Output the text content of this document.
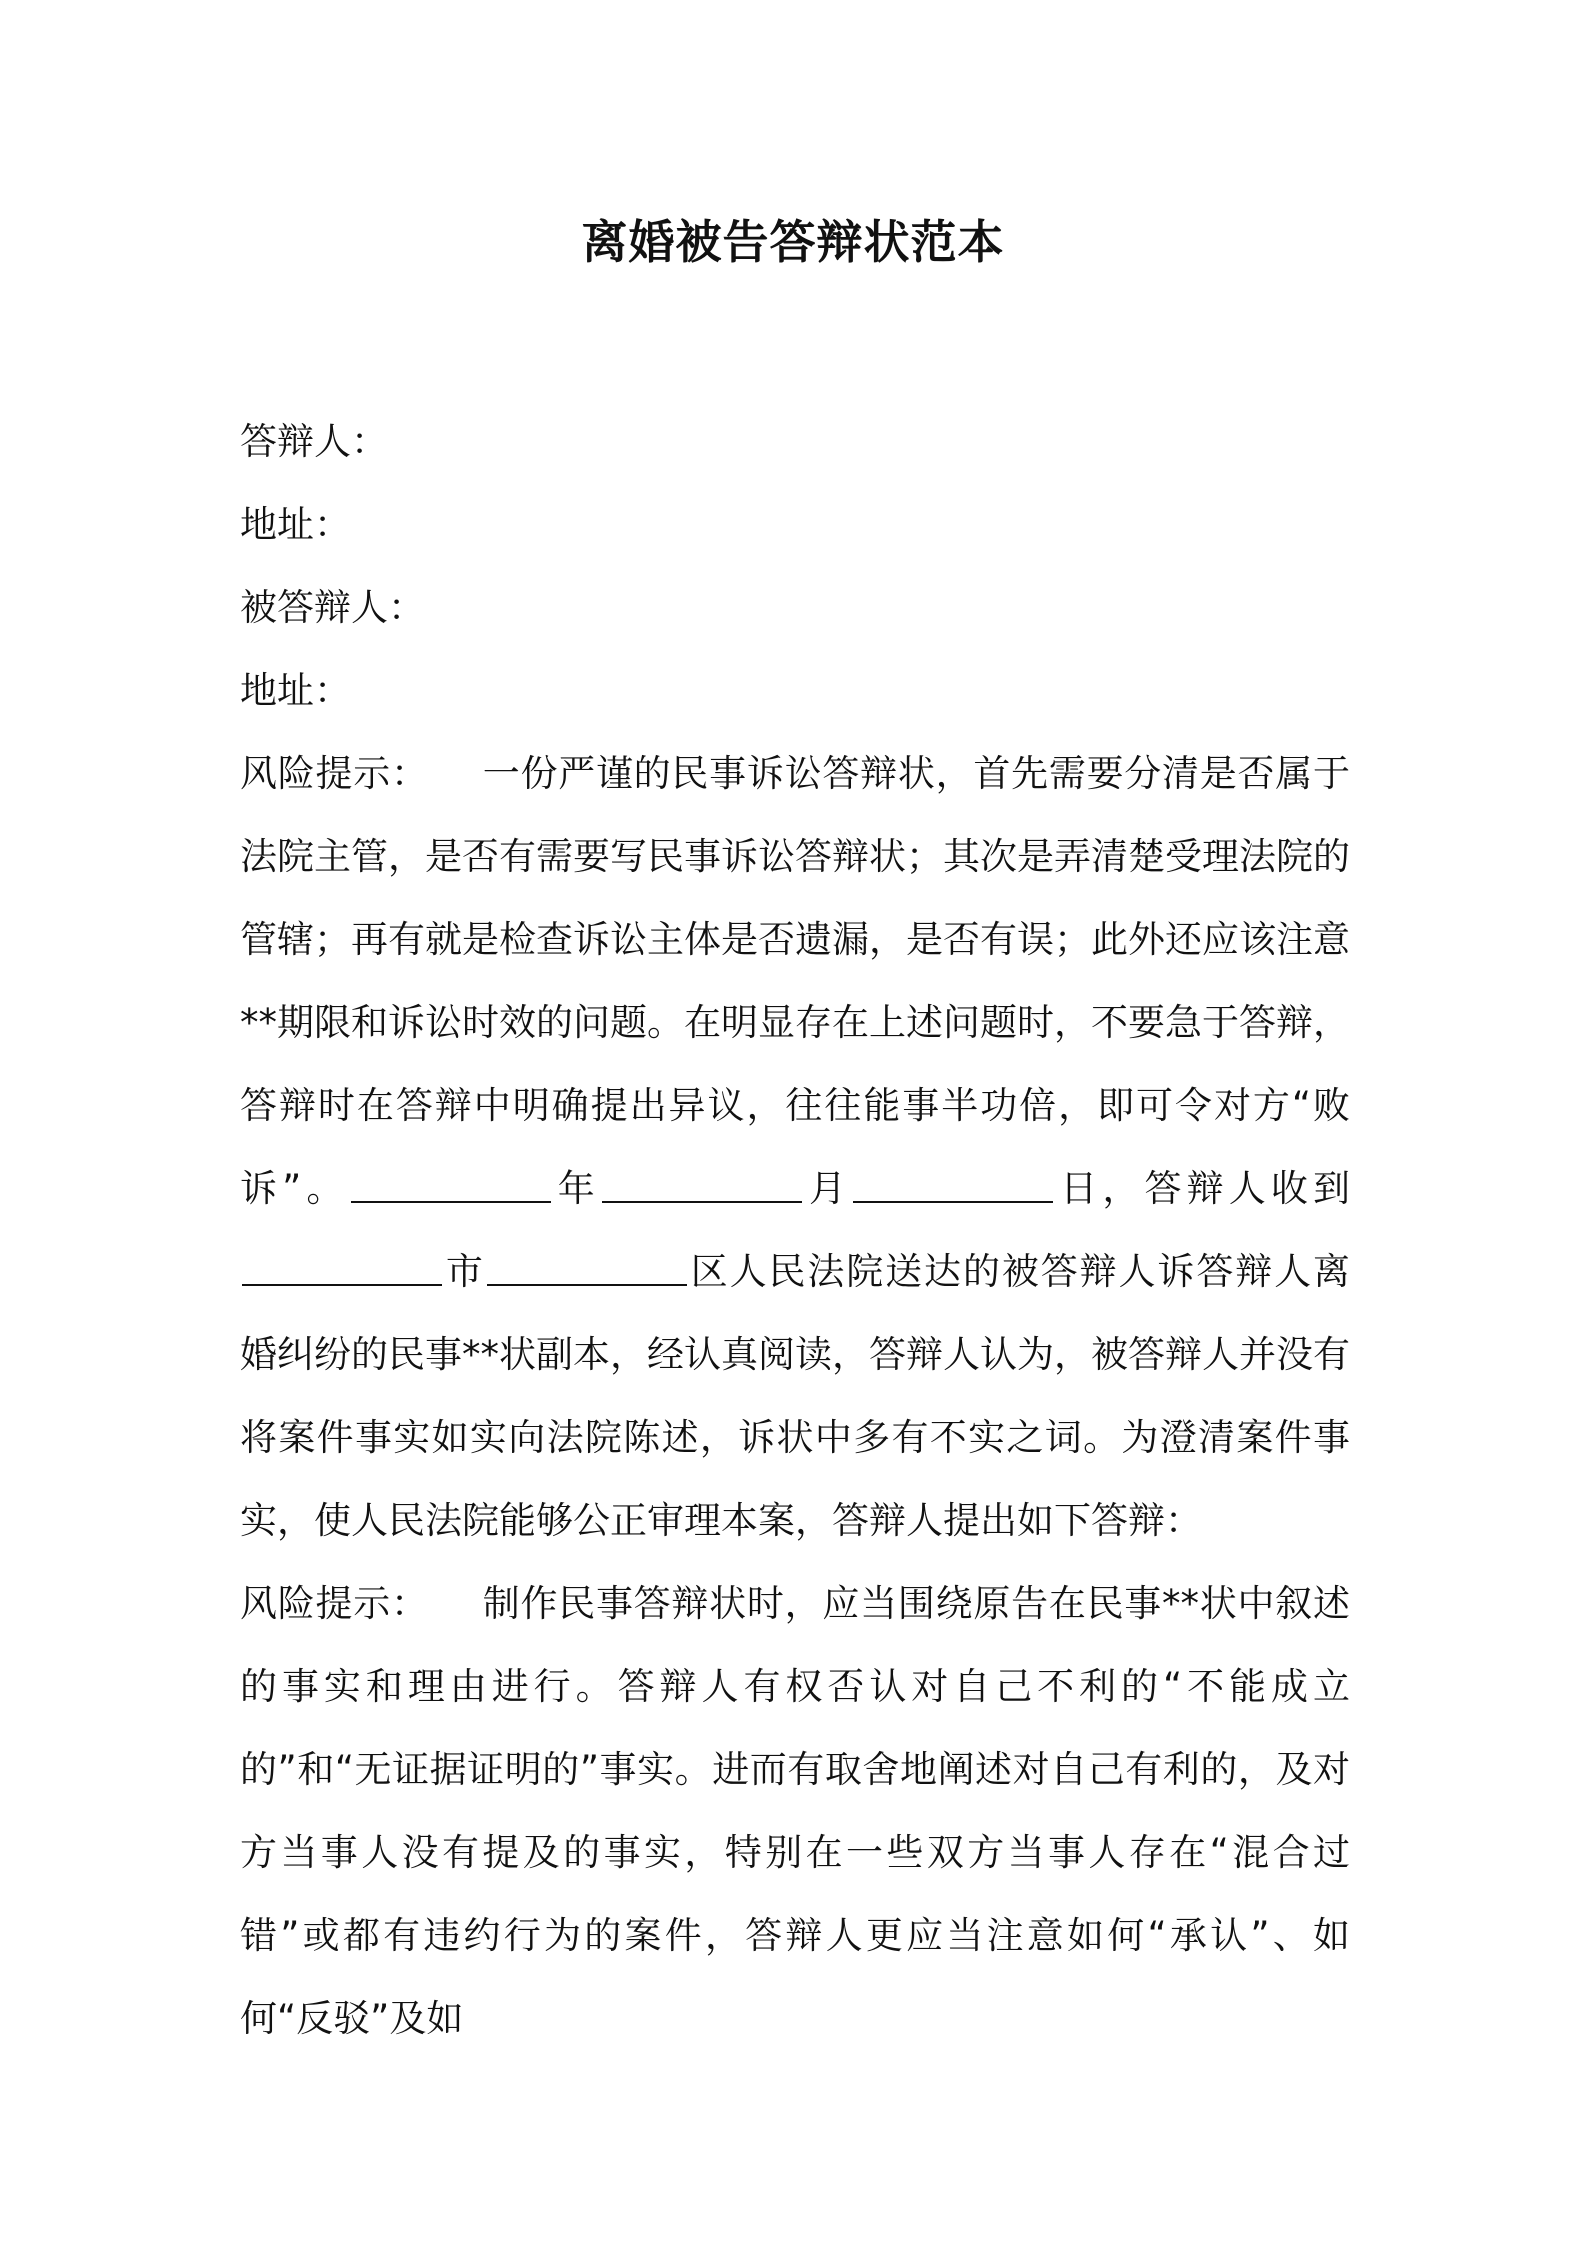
离婚被告答辩状范本

答辩人：

地址：

被答辩人：

地址：

风险提示： 一份严谨的民事诉讼答辩状，首先需要分清是否属于法院主管，是否有需要写民事诉讼答辩状；其次是弄清楚受理法院的管辖；再有就是检查诉讼主体是否遗漏，是否有误；此外还应该注意**期限和诉讼时效的问题。在明显存在上述问题时，不要急于答辩，答辩时在答辩中明确提出异议，往往能事半功倍，即可令对方“败诉”。	年	月	日，答辩人收到市	区人民法院送达的被答辩人诉答辩人离婚纠纷的民事**状副本，经认真阅读，答辩人认为，被答辩人并没有将案件事实如实向法院陈述，诉状中多有不实之词。为澄清案件事实，使人民法院能够公正审理本案，答辩人提出如下答辩：

风险提示： 制作民事答辩状时，应当围绕原告在民事**状中叙述的事实和理由进行。答辩人有权否认对自己不利的“不能成立的”和“无证据证明的”事实。进而有取舍地阐述对自己有利的，及对方当事人没有提及的事实，特别在一些双方当事人存在“混合过错”或都有违约行为的案件，答辩人更应当注意如何“承认”、如何“反驳”及如
